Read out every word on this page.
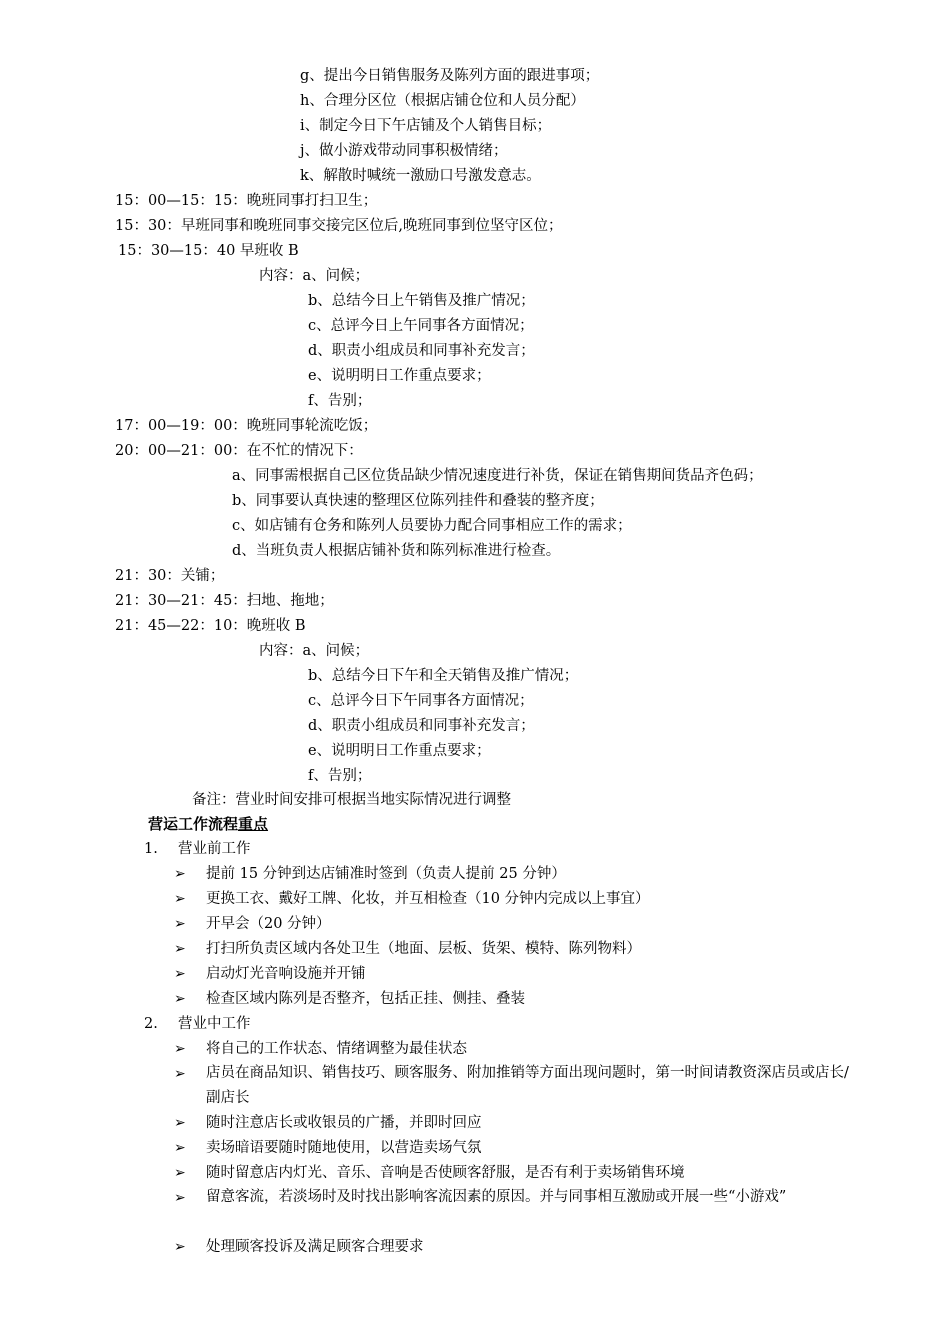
g、提出今日销售服务及陈列方面的跟进事项；
h、合理分区位（根据店铺仓位和人员分配）
i、制定今日下午店铺及个人销售目标；
j、做小游戏带动同事积极情绪；
k、解散时喊统一激励口号激发意志。
15：00—15：15：晚班同事打扫卫生；
15：30：早班同事和晚班同事交接完区位后,晚班同事到位坚守区位；
15：30—15：40 早班收 B
内容：a、问候；
b、总结今日上午销售及推广情况；
c、总评今日上午同事各方面情况；
d、职责小组成员和同事补充发言；
e、说明明日工作重点要求；
f、告别；
17：00—19：00：晚班同事轮流吃饭；
20：00—21：00：在不忙的情况下：
a、同事需根据自己区位货品缺少情况速度进行补货，保证在销售期间货品齐色码；
b、同事要认真快速的整理区位陈列挂件和叠装的整齐度；
c、如店铺有仓务和陈列人员要协力配合同事相应工作的需求；
d、当班负责人根据店铺补货和陈列标准进行检查。
21：30：关铺；
21：30—21：45：扫地、拖地；
21：45—22：10：晚班收 B
内容：a、问候；
b、总结今日下午和全天销售及推广情况；
c、总评今日下午同事各方面情况；
d、职责小组成员和同事补充发言；
e、说明明日工作重点要求；
f、告别；
备注：营业时间安排可根据当地实际情况进行调整
营运工作流程重点
1. 营业前工作
➢ 提前 15 分钟到达店铺准时签到（负责人提前 25 分钟）
➢ 更换工衣、戴好工牌、化妆，并互相检查（10 分钟内完成以上事宜）
➢ 开早会（20 分钟）
➢ 打扫所负责区域内各处卫生（地面、层板、货架、模特、陈列物料）
➢ 启动灯光音响设施并开铺
➢ 检查区域内陈列是否整齐，包括正挂、侧挂、叠装
2. 营业中工作
➢ 将自己的工作状态、情绪调整为最佳状态
➢ 店员在商品知识、销售技巧、顾客服务、附加推销等方面出现问题时，第一时间请教资深店员或店长/副店长
➢ 随时注意店长或收银员的广播，并即时回应
➢ 卖场暗语要随时随地使用，以营造卖场气氛
➢ 随时留意店内灯光、音乐、音响是否使顾客舒服，是否有利于卖场销售环境
➢ 留意客流，若淡场时及时找出影响客流因素的原因。并与同事相互激励或开展一些“小游戏”
➢ 处理顾客投诉及满足顾客合理要求
